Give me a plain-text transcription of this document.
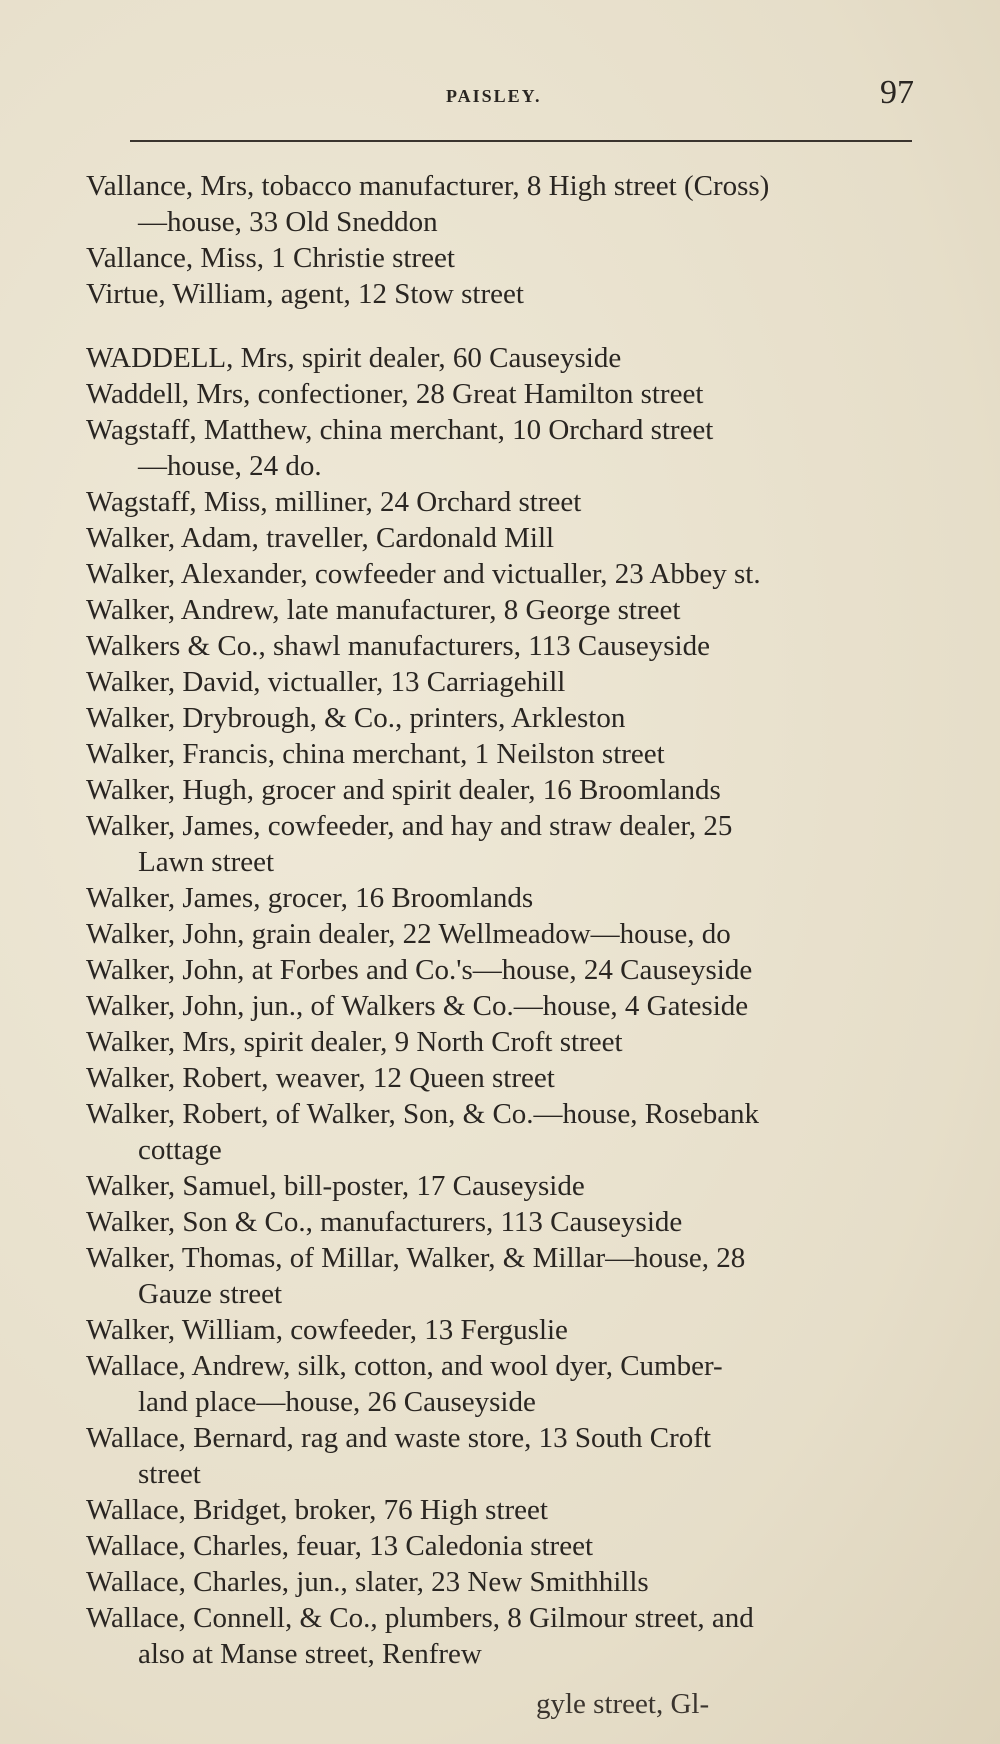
PAISLEY.	97
Vallance, Mrs, tobacco manufacturer, 8 High street (Cross)
—house, 33 Old Sneddon
Vallance, Miss, 1 Christie street
Virtue, William, agent, 12 Stow street
WADDELL, Mrs, spirit dealer, 60 Causeyside
Waddell, Mrs, confectioner, 28 Great Hamilton street
Wagstaff, Matthew, china merchant, 10 Orchard street
—house, 24 do.
Wagstaff, Miss, milliner, 24 Orchard street
Walker, Adam, traveller, Cardonald Mill
Walker, Alexander, cowfeeder and victualler, 23 Abbey st.
Walker, Andrew, late manufacturer, 8 George street
Walkers & Co., shawl manufacturers, 113 Causeyside
Walker, David, victualler, 13 Carriagehill
Walker, Drybrough, & Co., printers, Arkleston
Walker, Francis, china merchant, 1 Neilston street
Walker, Hugh, grocer and spirit dealer, 16 Broomlands
Walker, James, cowfeeder, and hay and straw dealer, 25
Lawn street
Walker, James, grocer, 16 Broomlands
Walker, John, grain dealer, 22 Wellmeadow—house, do
Walker, John, at Forbes and Co.'s—house, 24 Causeyside
Walker, John, jun., of Walkers & Co.—house, 4 Gateside
Walker, Mrs, spirit dealer, 9 North Croft street
Walker, Robert, weaver, 12 Queen street
Walker, Robert, of Walker, Son, & Co.—house, Rosebank
cottage
Walker, Samuel, bill-poster, 17 Causeyside
Walker, Son & Co., manufacturers, 113 Causeyside
Walker, Thomas, of Millar, Walker, & Millar—house, 28
Gauze street
Walker, William, cowfeeder, 13 Ferguslie
Wallace, Andrew, silk, cotton, and wool dyer, Cumber-
land place—house, 26 Causeyside
Wallace, Bernard, rag and waste store, 13 South Croft
street
Wallace, Bridget, broker, 76 High street
Wallace, Charles, feuar, 13 Caledonia street
Wallace, Charles, jun., slater, 23 New Smithhills
Wallace, Connell, & Co., plumbers, 8 Gilmour street, and
also at Manse street, Renfrew
gyle street, Gl-
